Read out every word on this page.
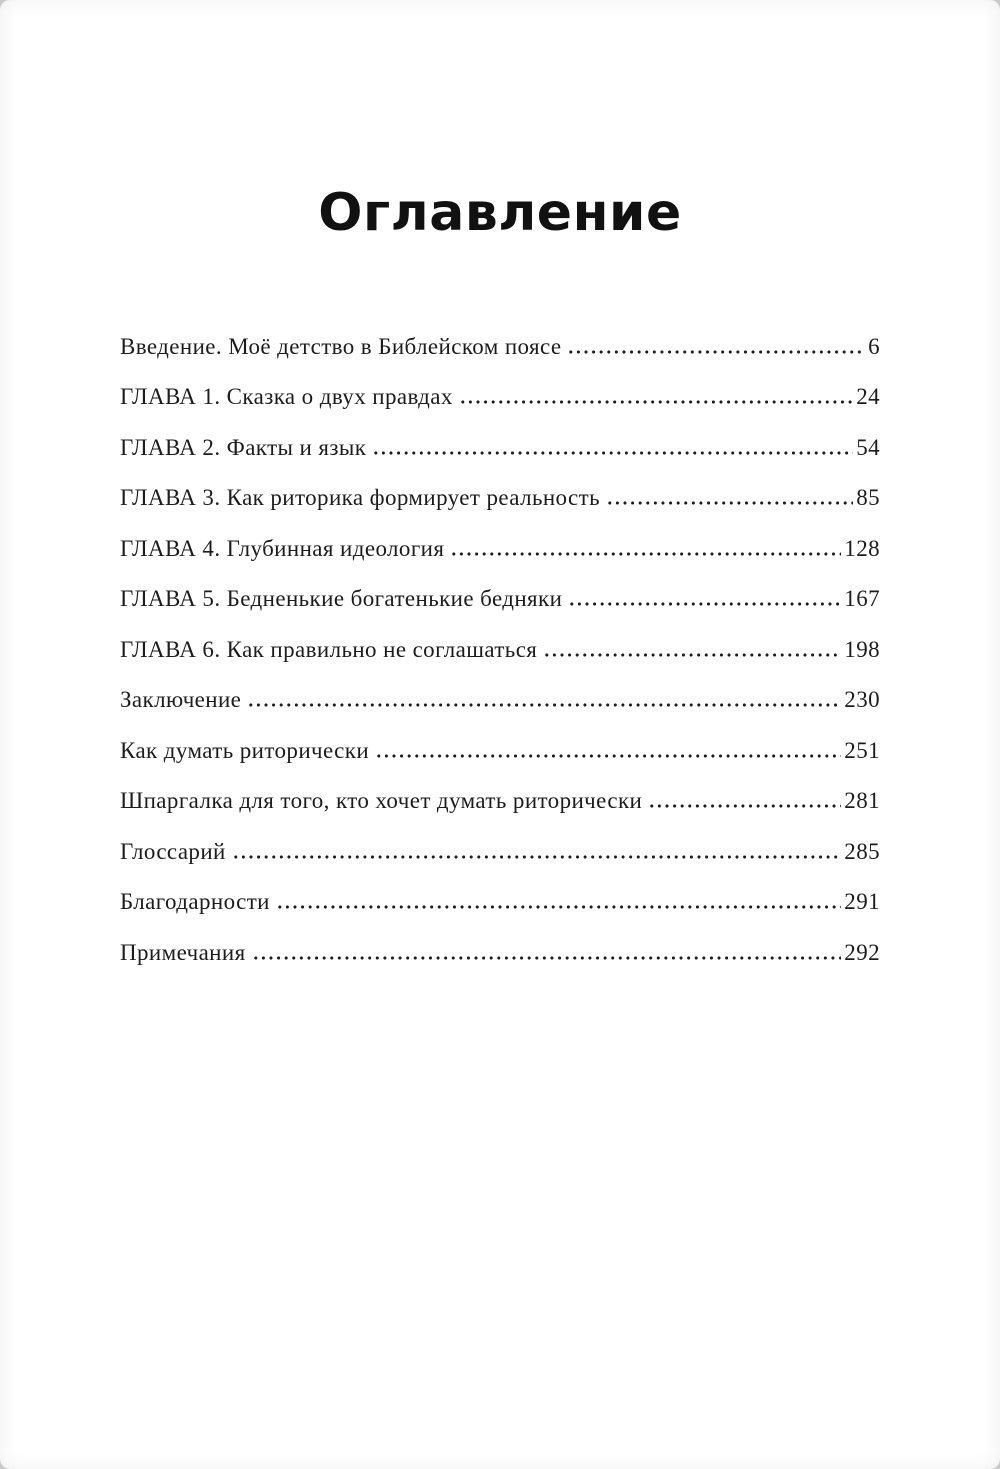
Оглавление
Введение. Моё детство в Библейском поясе	6
ГЛАВА 1. Сказка о двух правдах	24
ГЛАВА 2. Факты и язык	54
ГЛАВА 3. Как риторика формирует реальность	85
ГЛАВА 4. Глубинная идеология	128
ГЛАВА 5. Бедненькие богатенькие бедняки	167
ГЛАВА 6. Как правильно не соглашаться	198
Заключение	230
Как думать риторически	251
Шпаргалка для того, кто хочет думать риторически	281
Глоссарий	285
Благодарности	291
Примечания	292
